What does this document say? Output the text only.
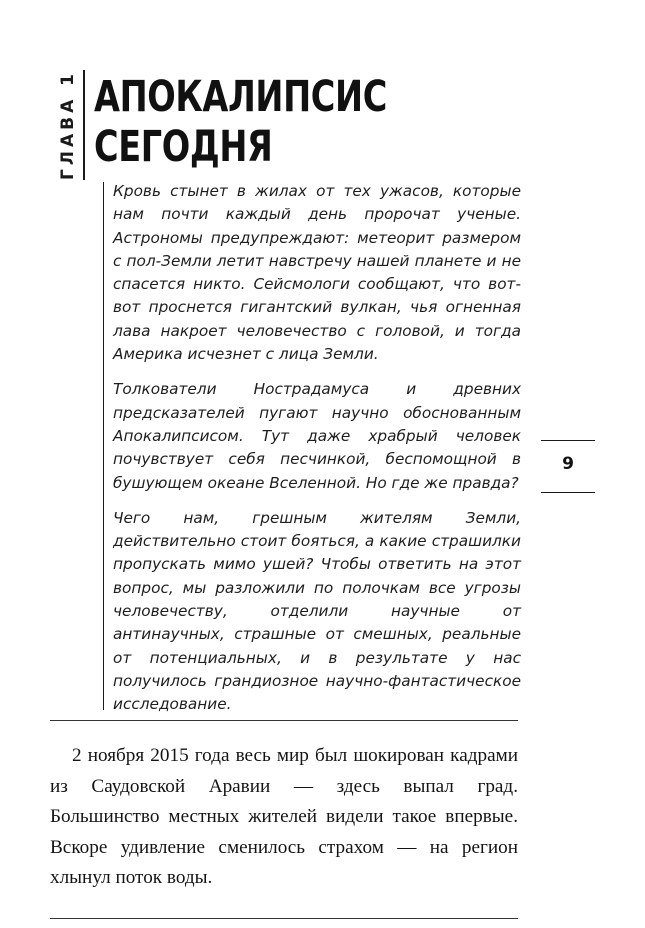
ГЛАВА 1 АПОКАЛИПСИС
СЕГОДНЯ

Кровь стынет в жилах от тех ужасов, которые нам почти каждый день пророчат ученые. Астрономы предупреждают: метеорит размером с пол-Земли летит навстречу нашей планете и не спасется никто. Сейсмологи сообщают, что вот-вот проснется гигантский вулкан, чья огненная лава накроет человечество с головой, и тогда Америка исчезнет с лица Земли.

Толкователи Нострадамуса и древних предсказателей пугают научно обоснованным Апокалипсисом. Тут даже храбрый человек почувствует себя песчинкой, беспомощной в бушующем океане Вселенной. Но где же правда?

Чего нам, грешным жителям Земли, действительно стоит бояться, а какие страшилки пропускать мимо ушей? Чтобы ответить на этот вопрос, мы разложили по полочкам все угрозы человечеству, отделили научные от антинаучных, страшные от смешных, реальные от потенциальных, и в результате у нас получилось грандиозное научно-фантастическое исследование.

2 ноября 2015 года весь мир был шокирован кадрами из Саудовской Аравии — здесь выпал град. Большинство местных жителей видели такое впервые. Вскоре удивление сменилось страхом — на регион хлынул поток воды.

9
